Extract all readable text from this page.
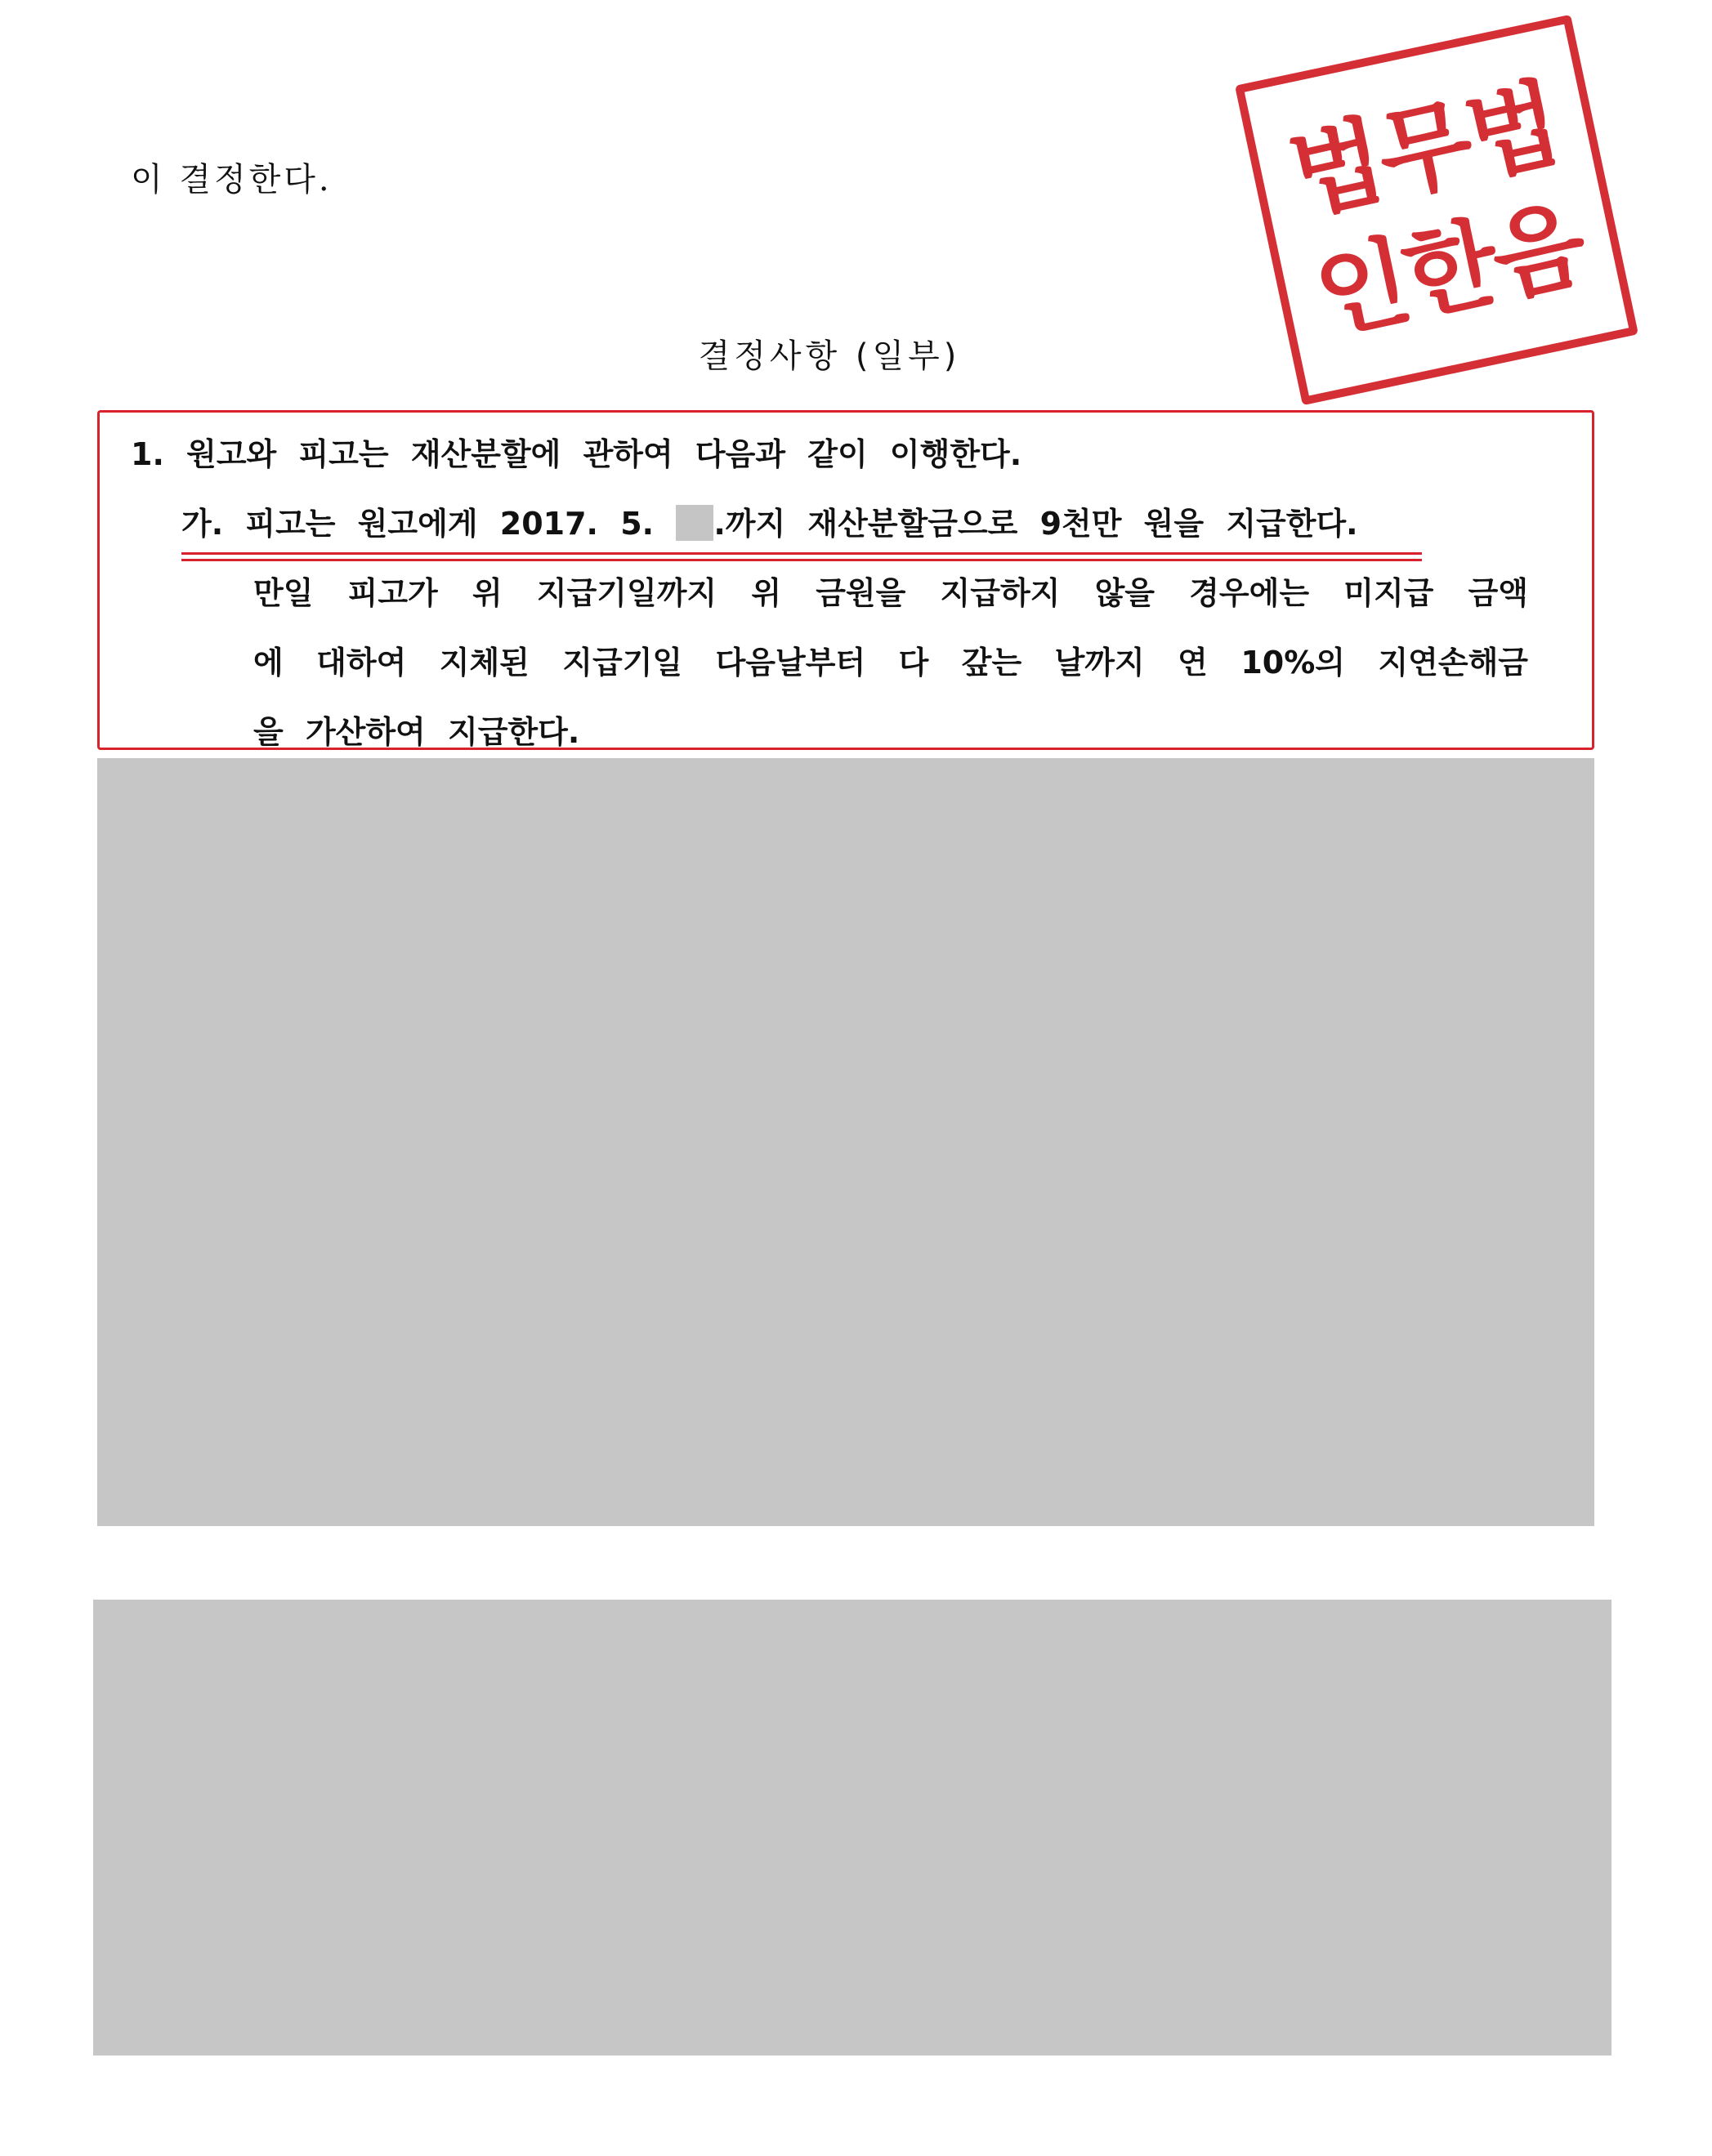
이 결정한다.	법무법
인한음
결정사항 (일부)
1. 원고와 피고는 재산분할에 관하여 다음과 같이 이행한다.
가. 피고는 원고에게 2017. 5. .까지 재산분할금으로 9천만 원을 지급한다.
만일 피고가 위 지급기일까지 위 금원을 지급하지 않을 경우에는 미지급 금액
에 대하여 지체된 지급기일 다음날부터 다 갚는 날까지 연 10%의 지연손해금
을 가산하여 지급한다.
